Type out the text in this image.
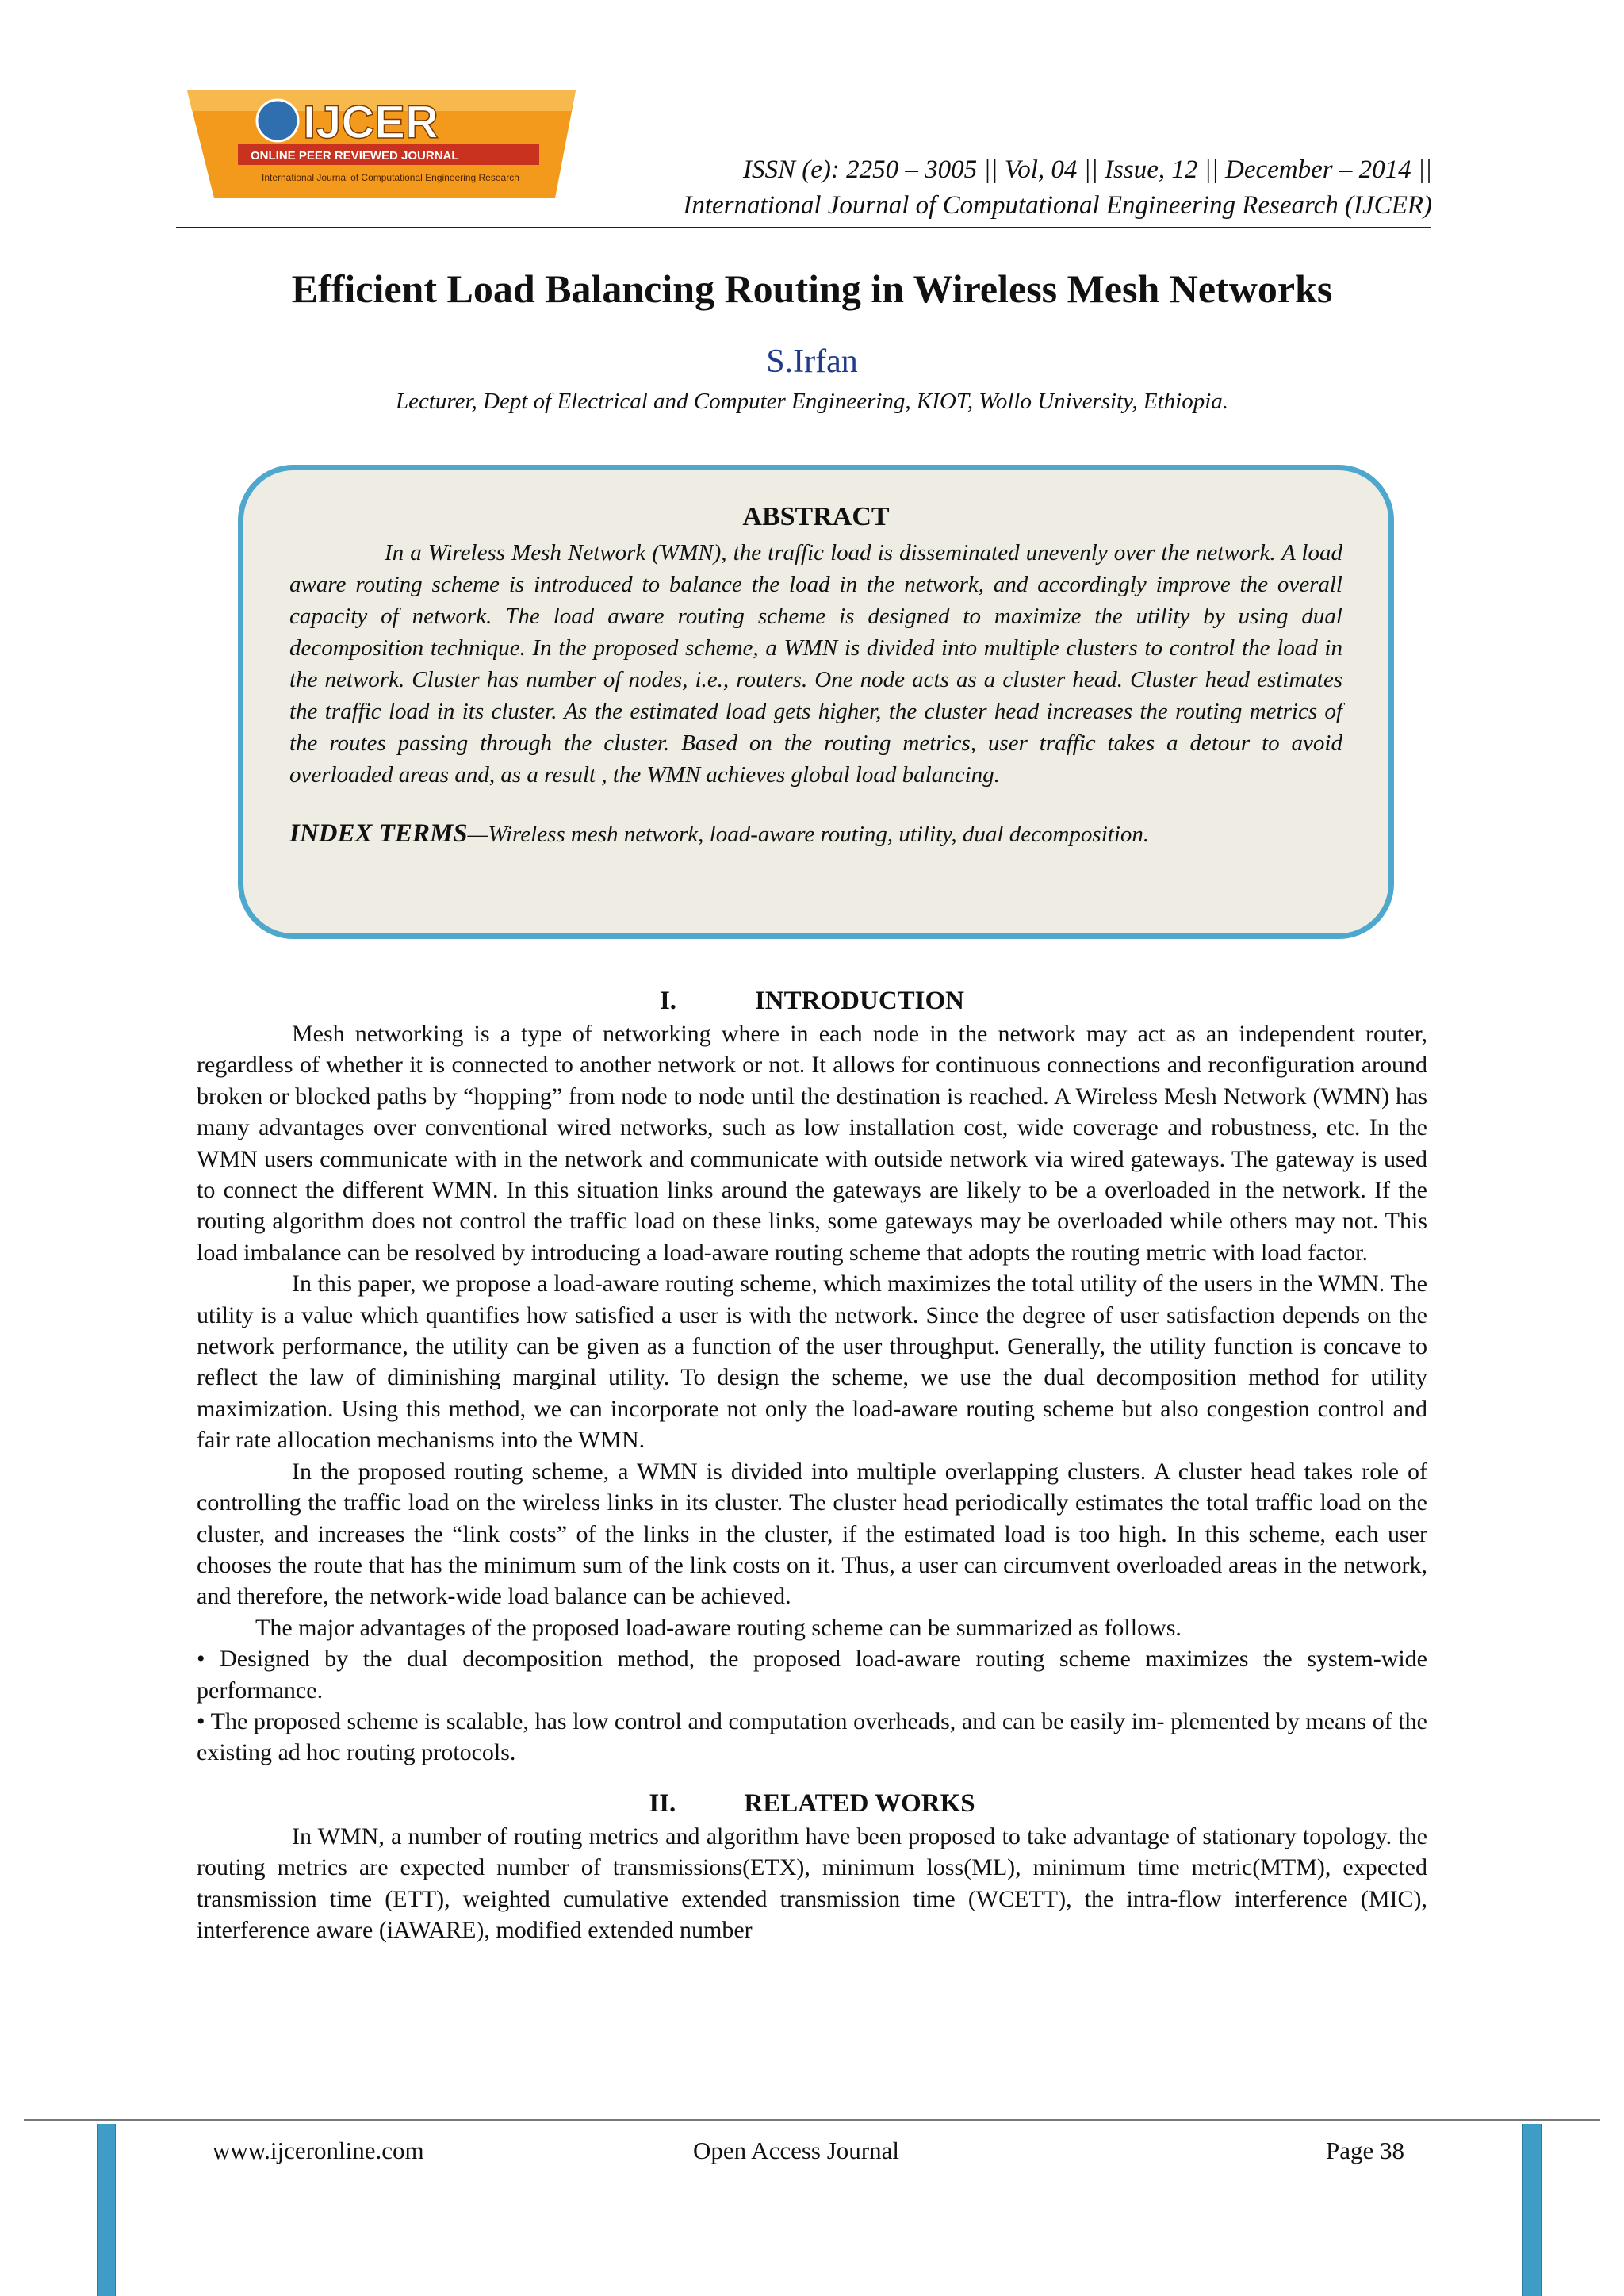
IJCER
ONLINE PEER REVIEWED JOURNAL
International Journal of Computational Engineering Research	ISSN (e): 2250 – 3005 || Vol, 04 || Issue, 12 || December – 2014 ||
International Journal of Computational Engineering Research (IJCER)
Efficient Load Balancing Routing in Wireless Mesh Networks
S.Irfan
Lecturer, Dept of Electrical and Computer Engineering, KIOT, Wollo University, Ethiopia.
ABSTRACT

In a Wireless Mesh Network (WMN), the traffic load is disseminated unevenly over the network. A load aware routing scheme is introduced to balance the load in the network, and accordingly improve the overall capacity of network. The load aware routing scheme is designed to maximize the utility by using dual decomposition technique. In the proposed scheme, a WMN is divided into multiple clusters to control the load in the network. Cluster has number of nodes, i.e., routers. One node acts as a cluster head. Cluster head estimates the traffic load in its cluster. As the estimated load gets higher, the cluster head increases the routing metrics of the routes passing through the cluster. Based on the routing metrics, user traffic takes a detour to avoid overloaded areas and, as a result , the WMN achieves global load balancing.

INDEX TERMS—Wireless mesh network, load-aware routing, utility, dual decomposition.
I.	INTRODUCTION

Mesh networking is a type of networking where in each node in the network may act as an independent router, regardless of whether it is connected to another network or not. It allows for continuous connections and reconfiguration around broken or blocked paths by “hopping” from node to node until the destination is reached. A Wireless Mesh Network (WMN) has many advantages over conventional wired networks, such as low installation cost, wide coverage and robustness, etc. In the WMN users communicate with in the network and communicate with outside network via wired gateways. The gateway is used to connect the different WMN. In this situation links around the gateways are likely to be a overloaded in the network. If the routing algorithm does not control the traffic load on these links, some gateways may be overloaded while others may not. This load imbalance can be resolved by introducing a load-aware routing scheme that adopts the routing metric with load factor.

In this paper, we propose a load-aware routing scheme, which maximizes the total utility of the users in the WMN. The utility is a value which quantifies how satisfied a user is with the network. Since the degree of user satisfaction depends on the network performance, the utility can be given as a function of the user throughput. Generally, the utility function is concave to reflect the law of diminishing marginal utility. To design the scheme, we use the dual decomposition method for utility maximization. Using this method, we can incorporate not only the load-aware routing scheme but also congestion control and fair rate allocation mechanisms into the WMN.

In the proposed routing scheme, a WMN is divided into multiple overlapping clusters. A cluster head takes role of controlling the traffic load on the wireless links in its cluster. The cluster head periodically estimates the total traffic load on the cluster, and increases the “link costs” of the links in the cluster, if the estimated load is too high. In this scheme, each user chooses the route that has the minimum sum of the link costs on it. Thus, a user can circumvent overloaded areas in the network, and therefore, the network-wide load balance can be achieved.

The major advantages of the proposed load-aware routing scheme can be summarized as follows.

• Designed by the dual decomposition method, the proposed load-aware routing scheme maximizes the system-wide performance.

• The proposed scheme is scalable, has low control and computation overheads, and can be easily im- plemented by means of the existing ad hoc routing protocols.

II.	RELATED WORKS

In WMN, a number of routing metrics and algorithm have been proposed to take advantage of stationary topology. the routing metrics are expected number of transmissions(ETX), minimum loss(ML), minimum time metric(MTM), expected transmission time (ETT), weighted cumulative extended transmission time (WCETT), the intra-flow interference (MIC), interference aware (iAWARE), modified extended number

www.ijceronline.com	Open Access Journal	Page 38
